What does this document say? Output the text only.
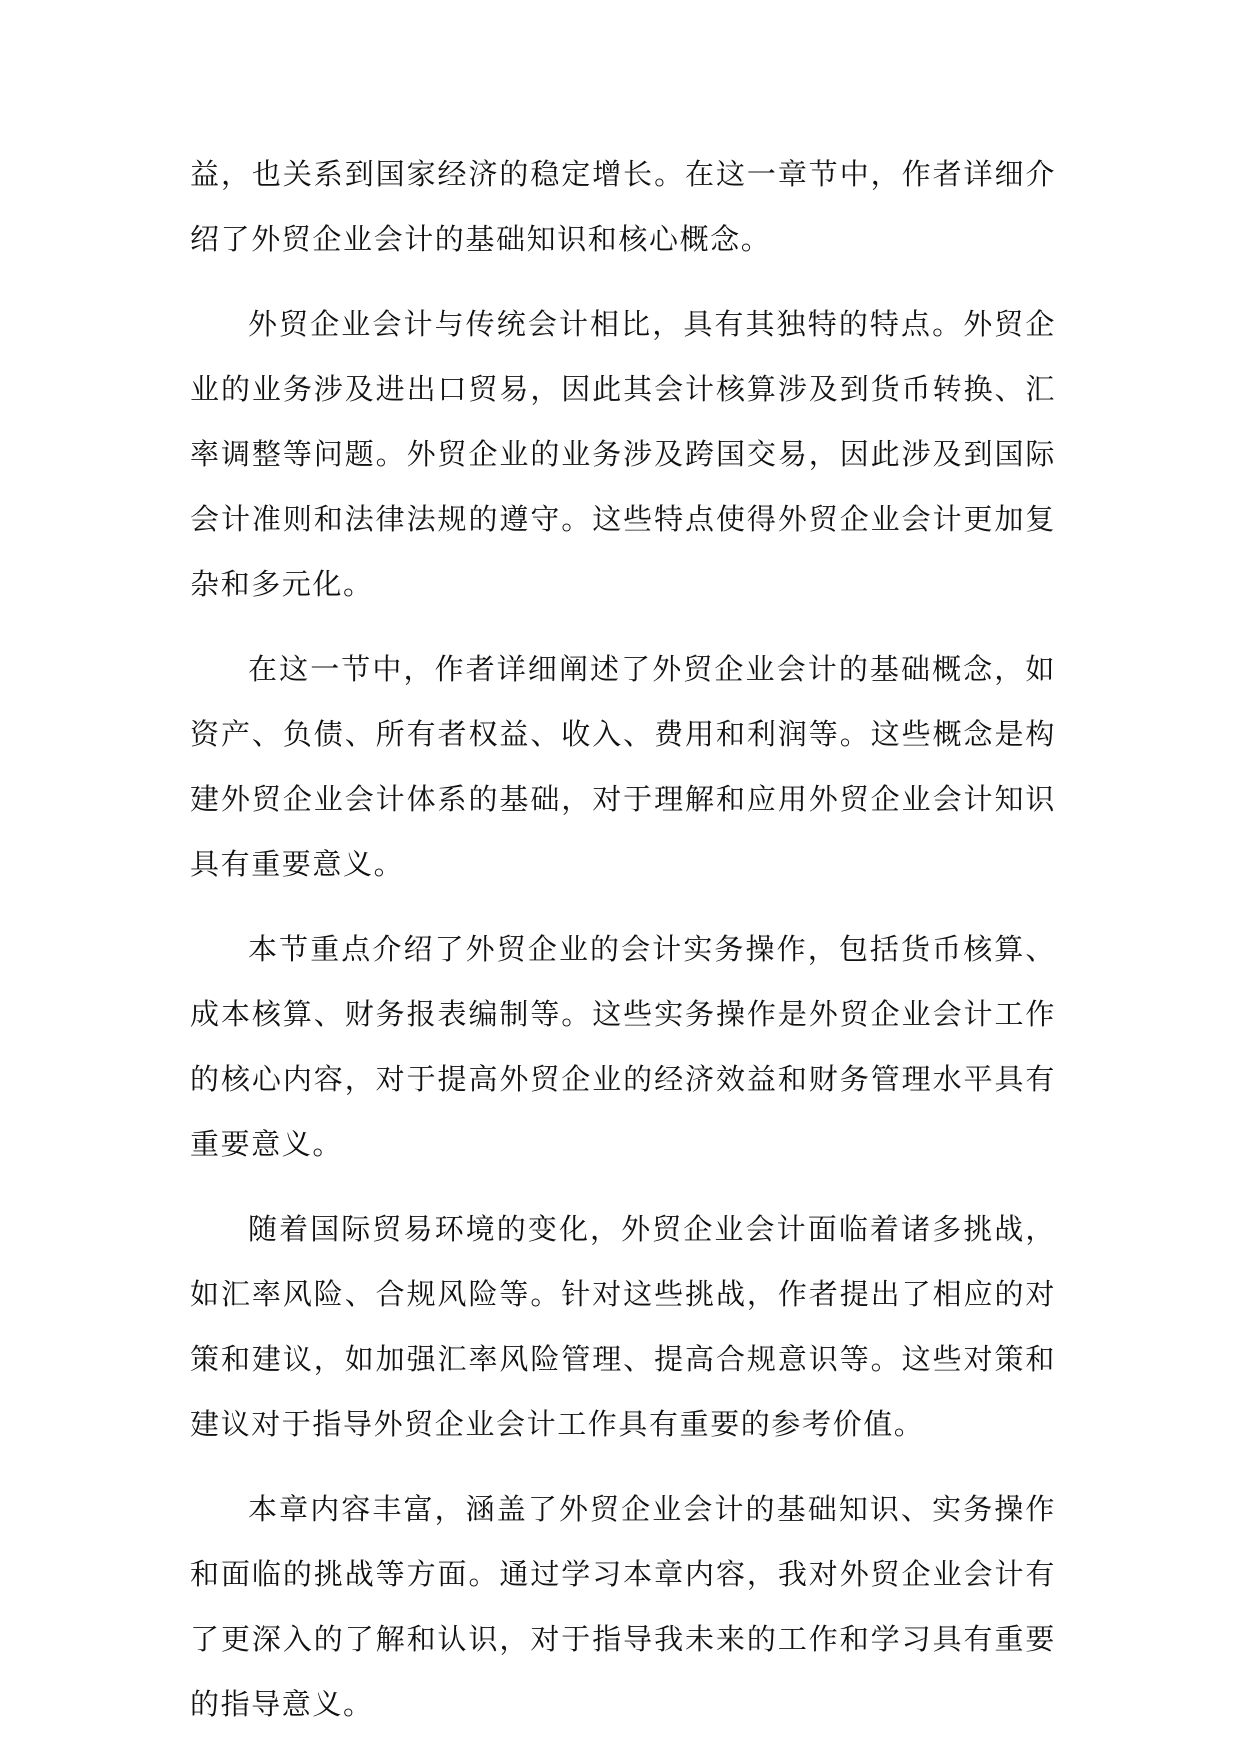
益，也关系到国家经济的稳定增长。在这一章节中，作者详细介绍了外贸企业会计的基础知识和核心概念。

外贸企业会计与传统会计相比，具有其独特的特点。外贸企业的业务涉及进出口贸易，因此其会计核算涉及到货币转换、汇率调整等问题。外贸企业的业务涉及跨国交易，因此涉及到国际会计准则和法律法规的遵守。这些特点使得外贸企业会计更加复杂和多元化。

在这一节中，作者详细阐述了外贸企业会计的基础概念，如资产、负债、所有者权益、收入、费用和利润等。这些概念是构建外贸企业会计体系的基础，对于理解和应用外贸企业会计知识具有重要意义。

本节重点介绍了外贸企业的会计实务操作，包括货币核算、成本核算、财务报表编制等。这些实务操作是外贸企业会计工作的核心内容，对于提高外贸企业的经济效益和财务管理水平具有重要意义。

随着国际贸易环境的变化，外贸企业会计面临着诸多挑战，如汇率风险、合规风险等。针对这些挑战，作者提出了相应的对策和建议，如加强汇率风险管理、提高合规意识等。这些对策和建议对于指导外贸企业会计工作具有重要的参考价值。

本章内容丰富，涵盖了外贸企业会计的基础知识、实务操作和面临的挑战等方面。通过学习本章内容，我对外贸企业会计有了更深入的了解和认识，对于指导我未来的工作和学习具有重要的指导意义。
